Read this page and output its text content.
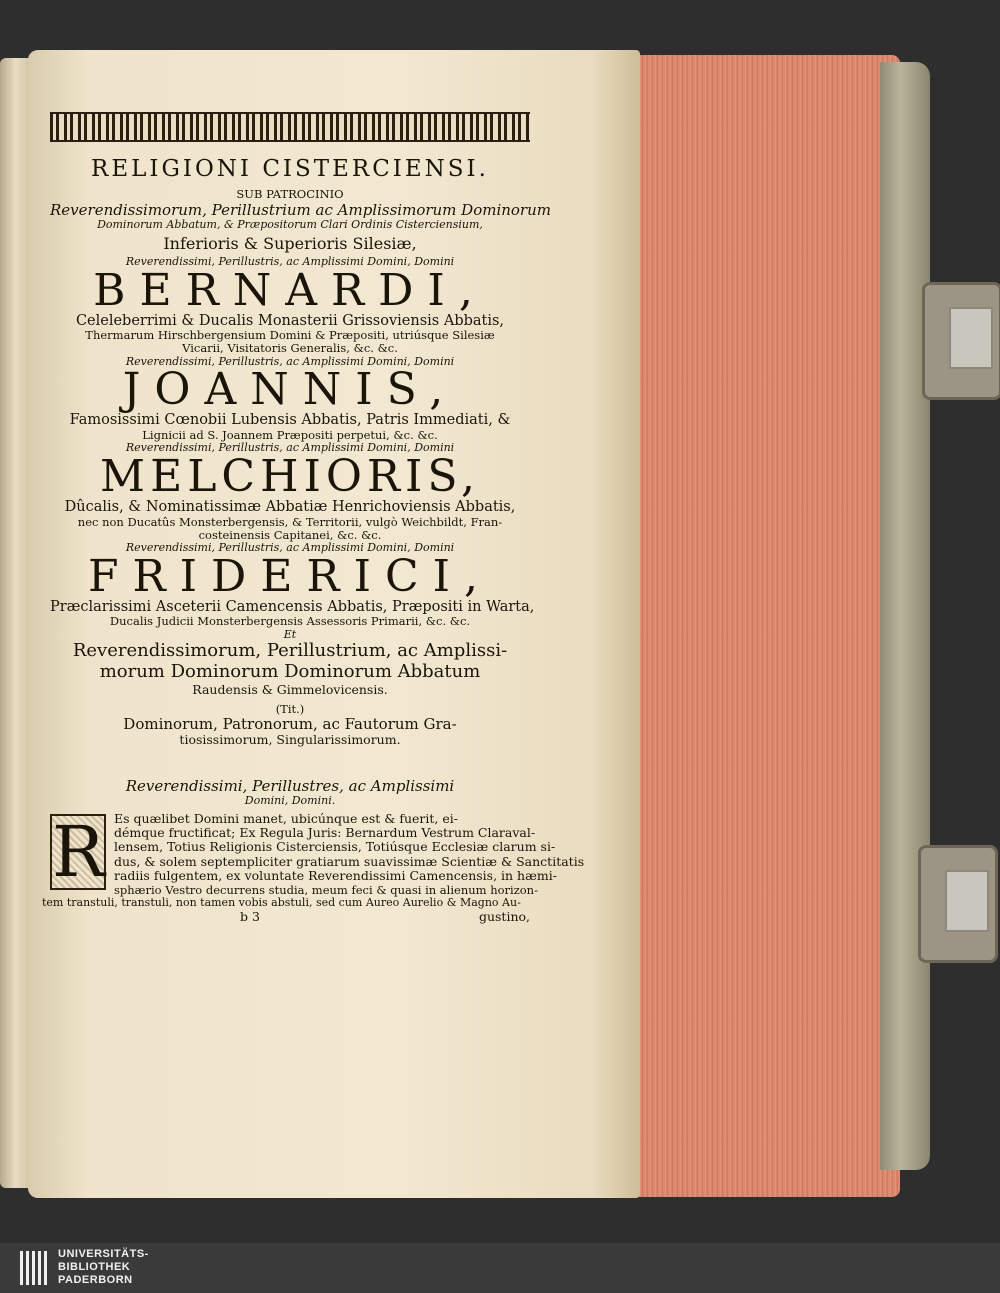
RELIGIONI CISTERCIENSI.

SUB PATROCINIO

Reverendissimorum, Perillustrium ac Amplissimorum Dominorum

Dominorum Abbatum, & Præpositorum Clari Ordinis Cisterciensium,

Inferioris & Superioris Silesiæ,

Reverendissimi, Perillustris, ac Amplissimi Domini, Domini

BERNARDI,

Celeleberrimi & Ducalis Monasterii Grissoviensis Abbatis,

Thermarum Hirschbergensium Domini & Præpositi, utriúsque Silesiæ

Vicarii, Visitatoris Generalis, &c. &c.

Reverendissimi, Perillustris, ac Amplissimi Domini, Domini

JOANNIS,

Famosissimi Cœnobii Lubensis Abbatis, Patris Immediati, &

Lignicii ad S. Joannem Præpositi perpetui, &c. &c.

Reverendissimi, Perillustris, ac Amplissimi Domini, Domini

MELCHIORIS,

Dûcalis, & Nominatissimæ Abbatiæ Henrichoviensis Abbatis,

nec non Ducatûs Monsterbergensis, & Territorii, vulgò Weichbildt, Fran-

costeinensis Capitanei, &c. &c.

Reverendissimi, Perillustris, ac Amplissimi Domini, Domini

FRIDERICI,

Præclarissimi Asceterii Camencensis Abbatis, Præpositi in Warta,

Ducalis Judicii Monsterbergensis Assessoris Primarii, &c. &c.

Et

Reverendissimorum, Perillustrium, ac Amplissi-

morum Dominorum Dominorum Abbatum

Raudensis & Gimmelovicensis.

(Tit.)

Dominorum, Patronorum, ac Fautorum Gra-

tiosissimorum, Singularissimorum.

Reverendissimi, Perillustres, ac Amplissimi

Domini, Domini.

R Es quælibet Domini manet, ubicúnque est & fuerit, ei-
démque fructificat; Ex Regula Juris: Bernardum Vestrum Claraval-
lensem, Totius Religionis Cisterciensis, Totiúsque Ecclesiæ clarum si-
dus, & solem septempliciter gratiarum suavissimæ Scientiæ & Sanctitatis
radiis fulgentem, ex voluntate Reverendissimi Camencensis, in hæmi-
sphærio Vestro decurrens studia, meum feci & quasi in alienum horizon-
tem transtuli, transtuli, non tamen vobis abstuli, sed cum Aureo Aurelio & Magno Au-
b 3	gustino,
UNIVERSITÄTS-
BIBLIOTHEK
PADERBORN
